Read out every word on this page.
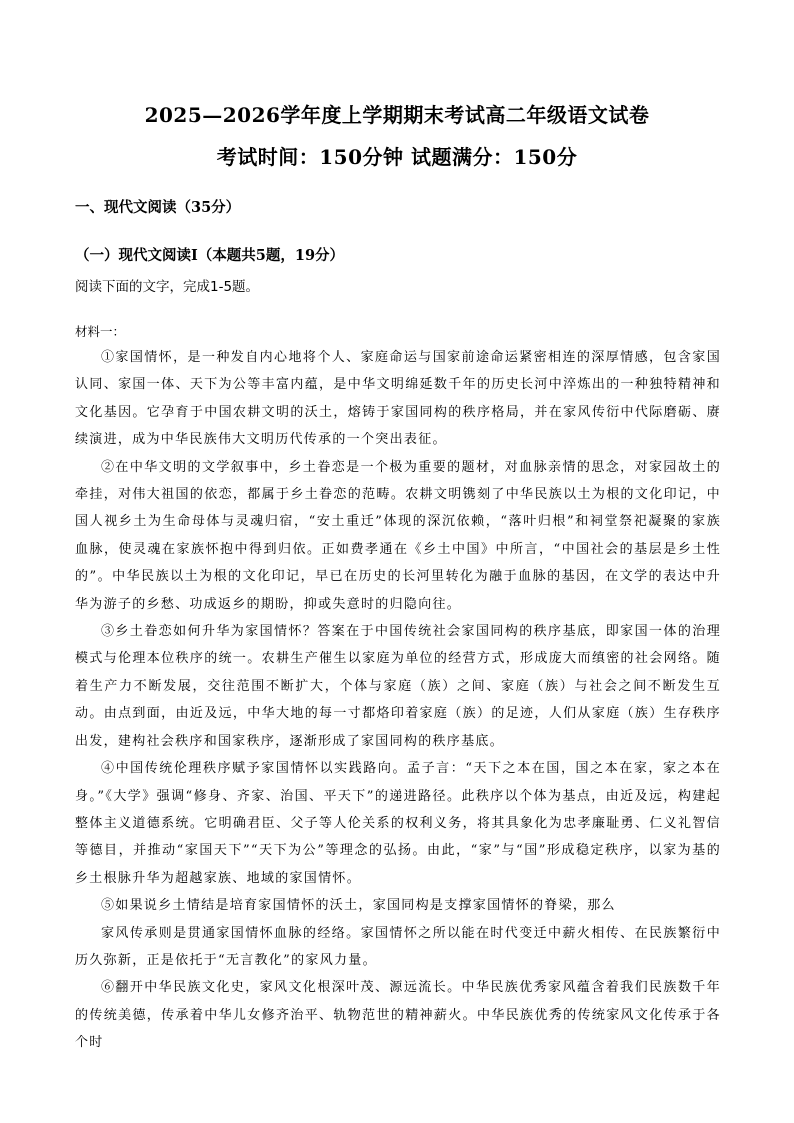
2025—2026学年度上学期期末考试高二年级语文试卷
考试时间：150分钟 试题满分：150分
一、现代文阅读（35分）
（一）现代文阅读Ⅰ（本题共5题，19分）

阅读下面的文字，完成1-5题。

材料一：

①家国情怀，是一种发自内心地将个人、家庭命运与国家前途命运紧密相连的深厚情感，包含家国认同、家国一体、天下为公等丰富内蕴，是中华文明绵延数千年的历史长河中淬炼出的一种独特精神和文化基因。它孕育于中国农耕文明的沃土，熔铸于家国同构的秩序格局，并在家风传衍中代际磨砺、赓续演进，成为中华民族伟大文明历代传承的一个突出表征。

②在中华文明的文学叙事中，乡土眷恋是一个极为重要的题材，对血脉亲情的思念，对家园故土的牵挂，对伟大祖国的依恋，都属于乡土眷恋的范畴。农耕文明镌刻了中华民族以土为根的文化印记，中国人视乡土为生命母体与灵魂归宿，“安土重迁”体现的深沉依赖，“落叶归根”和祠堂祭祀凝聚的家族血脉，使灵魂在家族怀抱中得到归依。正如费孝通在《乡土中国》中所言，“中国社会的基层是乡土性的”。中华民族以土为根的文化印记，早已在历史的长河里转化为融于血脉的基因，在文学的表达中升华为游子的乡愁、功成返乡的期盼，抑或失意时的归隐向往。

③乡土眷恋如何升华为家国情怀？答案在于中国传统社会家国同构的秩序基底，即家国一体的治理模式与伦理本位秩序的统一。农耕生产催生以家庭为单位的经营方式，形成庞大而缜密的社会网络。随着生产力不断发展，交往范围不断扩大，个体与家庭（族）之间、家庭（族）与社会之间不断发生互动。由点到面，由近及远，中华大地的每一寸都烙印着家庭（族）的足迹，人们从家庭（族）生存秩序出发，建构社会秩序和国家秩序，逐渐形成了家国同构的秩序基底。

④中国传统伦理秩序赋予家国情怀以实践路向。孟子言：“天下之本在国，国之本在家，家之本在身。”《大学》强调“修身、齐家、治国、平天下”的递进路径。此秩序以个体为基点，由近及远，构建起整体主义道德系统。它明确君臣、父子等人伦关系的权利义务，将其具象化为忠孝廉耻勇、仁义礼智信等德目，并推动“家国天下”“天下为公”等理念的弘扬。由此，“家”与“国”形成稳定秩序，以家为基的乡土根脉升华为超越家族、地域的家国情怀。

⑤如果说乡土情结是培育家国情怀的沃土，家国同构是支撑家国情怀的脊梁，那么

家风传承则是贯通家国情怀血脉的经络。家国情怀之所以能在时代变迁中薪火相传、在民族繁衍中历久弥新，正是依托于“无言教化”的家风力量。

⑥翻开中华民族文化史，家风文化根深叶茂、源远流长。中华民族优秀家风蕴含着我们民族数千年的传统美德，传承着中华儿女修齐治平、轨物范世的精神薪火。中华民族优秀的传统家风文化传承于各个时
